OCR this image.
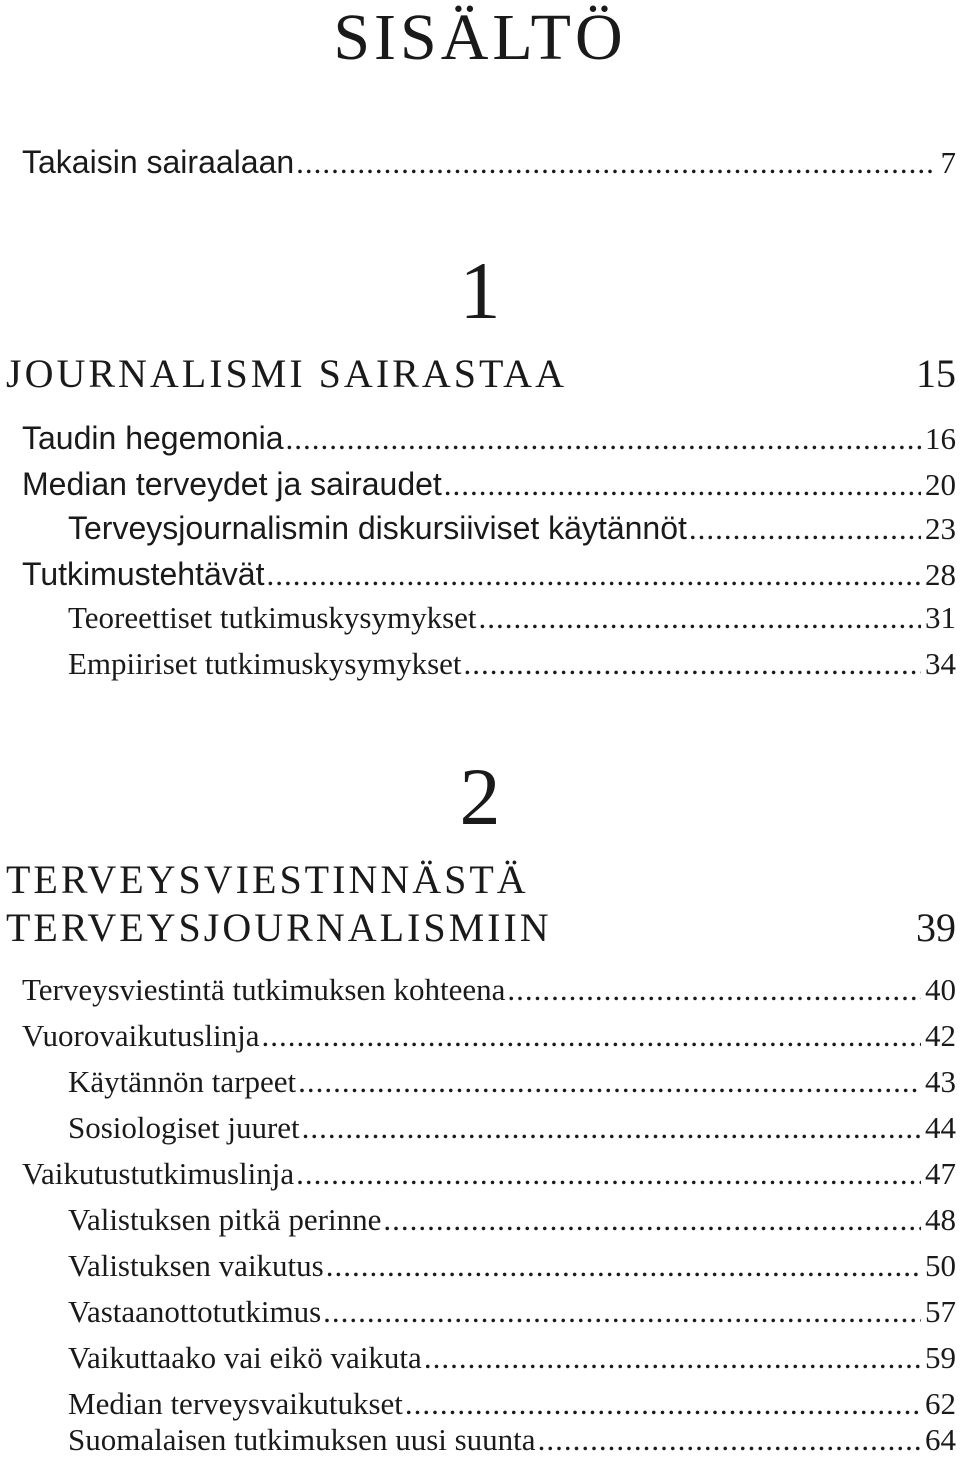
SISÄLTÖ
Takaisin sairaalaan .....	7
1
JOURNALISMI SAIRASTAA	15
Taudin hegemonia .....	16
Median terveydet ja sairaudet .....	20
Terveysjournalismin diskursiiviset käytännöt .....	23
Tutkimustehtävät .....	28
Teoreettiset tutkimuskysymykset .....	31
Empiiriset tutkimuskysymykset .....	34
2
TERVEYSVIESTINNÄSTÄ
TERVEYSJOURNALISMIIN	39
Terveysviestintä tutkimuksen kohteena .....	40
Vuorovaikutuslinja .....	42
Käytännön tarpeet .....	43
Sosiologiset juuret .....	44
Vaikutustutkimuslinja .....	47
Valistuksen pitkä perinne .....	48
Valistuksen vaikutus .....	50
Vastaanottotutkimus .....	57
Vaikuttaako vai eikö vaikuta .....	59
Median terveysvaikutukset .....	62
Suomalaisen tutkimuksen uusi suunta .....	64
